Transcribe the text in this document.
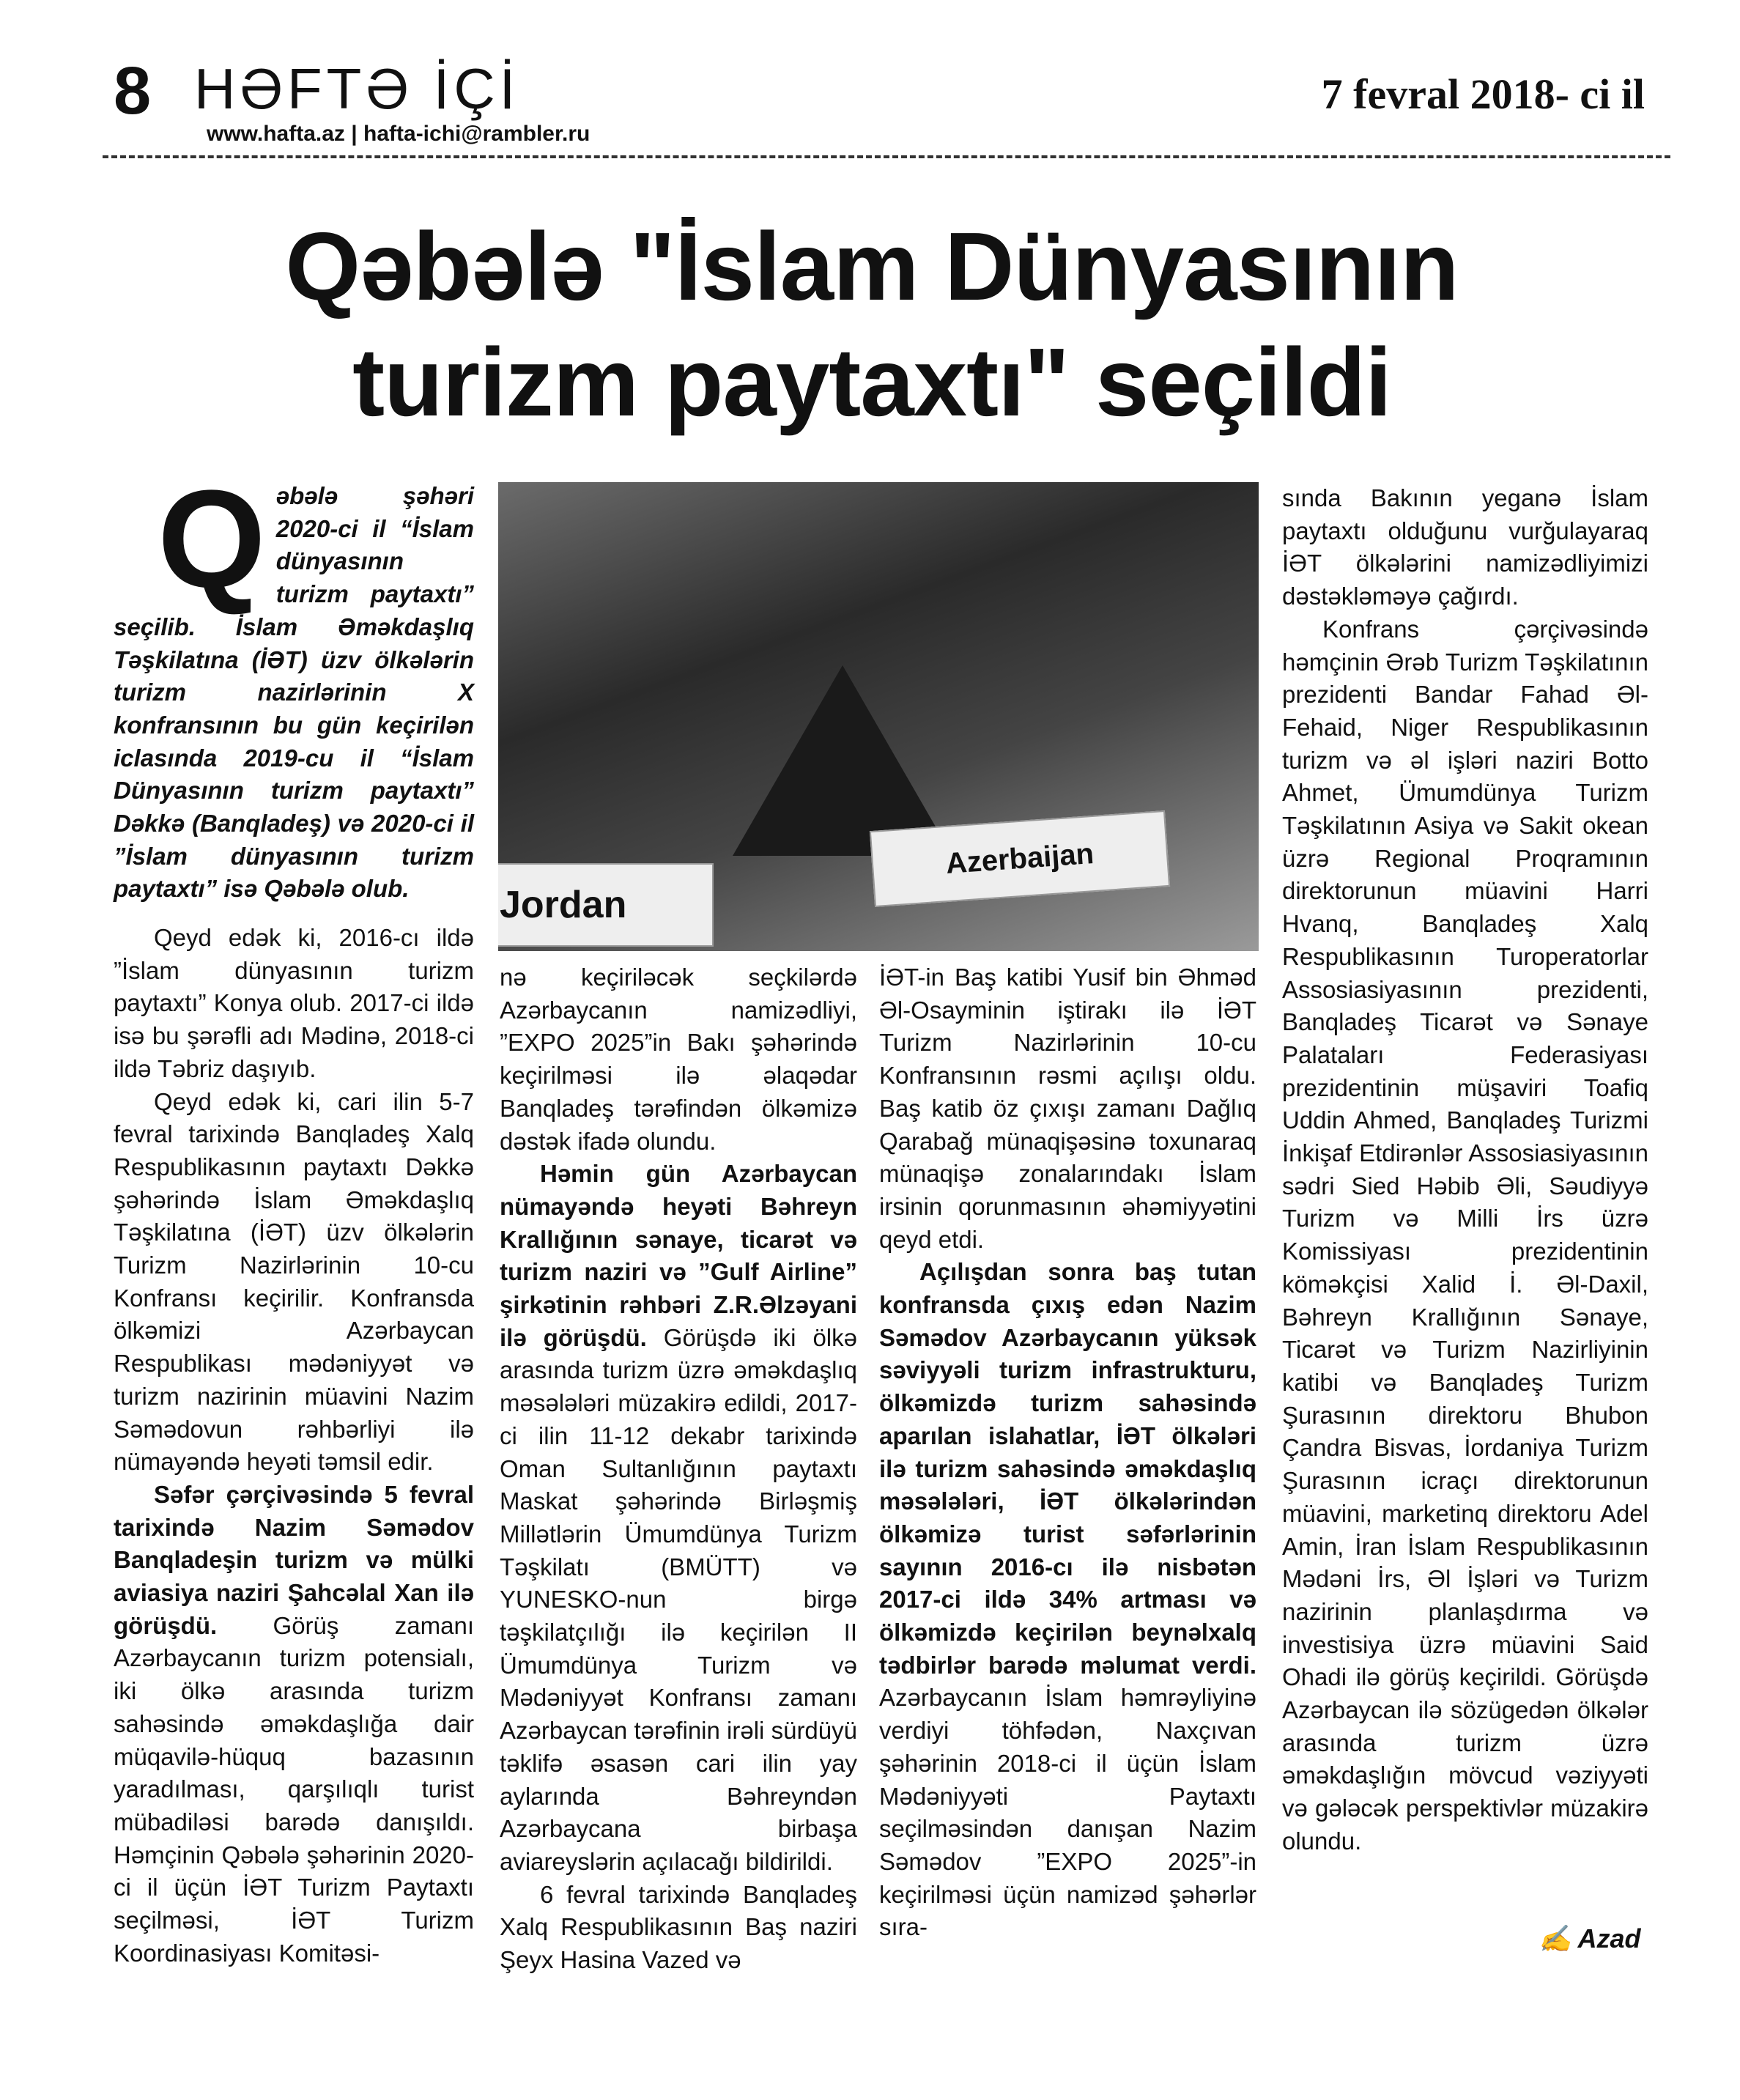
8 HƏFTƏ İÇİ
www.hafta.az | hafta-ichi@rambler.ru
7 fevral 2018- ci il
Qəbələ "İslam Dünyasının
turizm paytaxtı" seçildi
Q əbələ şəhəri 2020-ci il “İslam dünyasının turizm paytaxtı” seçilib. İslam Əməkdaşlıq Təşkilatına (İƏT) üzv ölkələrin turizm nazirlərinin X konfransının bu gün keçirilən iclasında 2019-cu il “İslam Dünyasının turizm paytaxtı” Dəkkə (Banqladeş) və 2020-ci il ”İslam dünyasının turizm paytaxtı” isə Qəbələ olub.	Jordan
Azerbaijan

Qeyd edək ki, 2016-cı ildə ”İslam dünyasının turizm paytaxtı” Konya olub. 2017-ci ildə isə bu şərəfli adı Mədinə, 2018-ci ildə Təbriz daşıyıb.

Qeyd edək ki, cari ilin 5-7 fevral tarixində Banqladeş Xalq Respublikasının paytaxtı Dəkkə şəhərində İslam Əməkdaşlıq Təşkilatına (İƏT) üzv ölkələrin Turizm Nazirlərinin 10-cu Konfransı keçirilir. Konfransda ölkəmizi Azərbaycan Respublikası mədəniyyət və turizm nazirinin müavini Nazim Səmədovun rəhbərliyi ilə nümayəndə heyəti təmsil edir.

Səfər çərçivəsində 5 fevral tarixində Nazim Səmədov Banqladeşin turizm və mülki aviasiya naziri Şahcəlal Xan ilə görüşdü. Görüş zamanı Azərbaycanın turizm potensialı, iki ölkə arasında turizm sahəsində əməkdaşlığa dair müqavilə-hüquq bazasının yaradılması, qarşılıqlı turist mübadiləsi barədə danışıldı. Həmçinin Qəbələ şəhərinin 2020-ci il üçün İƏT Turizm Paytaxtı seçilməsi, İƏT Turizm Koordinasiyası Komitəsi-

nə keçiriləcək seçkilərdə Azərbaycanın namizədliyi, ”EXPO 2025”in Bakı şəhərində keçirilməsi ilə əlaqədar Banqladeş tərəfindən ölkəmizə dəstək ifadə olundu.

Həmin gün Azərbaycan nümayəndə heyəti Bəhreyn Krallığının sənaye, ticarət və turizm naziri və ”Gulf Airline” şirkətinin rəhbəri Z.R.Əlzəyani ilə görüşdü. Görüşdə iki ölkə arasında turizm üzrə əməkdaşlıq məsələləri müzakirə edildi, 2017-ci ilin 11-12 dekabr tarixində Oman Sultanlığının paytaxtı Maskat şəhərində Birləşmiş Millətlərin Ümumdünya Turizm Təşkilatı (BMÜTT) və YUNESKO-nun birgə təşkilatçılığı ilə keçirilən II Ümumdünya Turizm və Mədəniyyət Konfransı zamanı Azərbaycan tərəfinin irəli sürdüyü təklifə əsasən cari ilin yay aylarında Bəhreyndən Azərbaycana birbaşa aviareyslərin açılacağı bildirildi.

6 fevral tarixində Banqladeş Xalq Respublikasının Baş naziri Şeyx Hasina Vazed və

İƏT-in Baş katibi Yusif bin Əhməd Əl-Osayminin iştirakı ilə İƏT Turizm Nazirlərinin 10-cu Konfransının rəsmi açılışı oldu. Baş katib öz çıxışı zamanı Dağlıq Qarabağ münaqişəsinə toxunaraq münaqişə zonalarındakı İslam irsinin qorunmasının əhəmiyyətini qeyd etdi.

Açılışdan sonra baş tutan konfransda çıxış edən Nazim Səmədov Azərbaycanın yüksək səviyyəli turizm infrastrukturu, ölkəmizdə turizm sahəsində aparılan islahatlar, İƏT ölkələri ilə turizm sahəsində əməkdaşlıq məsələləri, İƏT ölkələrindən ölkəmizə turist səfərlərinin sayının 2016-cı ilə nisbətən 2017-ci ildə 34% artması və ölkəmizdə keçirilən beynəlxalq tədbirlər barədə məlumat verdi. Azərbaycanın İslam həmrəyliyinə verdiyi töhfədən, Naxçıvan şəhərinin 2018-ci il üçün İslam Mədəniyyəti Paytaxtı seçilməsindən danışan Nazim Səmədov ”EXPO 2025”-in keçirilməsi üçün namizəd şəhərlər sıra-

sında Bakının yeganə İslam paytaxtı olduğunu vurğulayaraq İƏT ölkələrini namizədliyimizi dəstəkləməyə çağırdı.

Konfrans çərçivəsində həmçinin Ərəb Turizm Təşkilatının prezidenti Bandar Fahad Əl-Fehaid, Niger Respublikasının turizm və əl işləri naziri Botto Ahmet, Ümumdünya Turizm Təşkilatının Asiya və Sakit okean üzrə Regional Proqramının direktorunun müavini Harri Hvanq, Banqladeş Xalq Respublikasının Turoperatorlar Assosiasiyasının prezidenti, Banqladeş Ticarət və Sənaye Palataları Federasiyası prezidentinin müşaviri Toafiq Uddin Ahmed, Banqladeş Turizmi İnkişaf Etdirənlər Assosiasiyasının sədri Sied Həbib Əli, Səudiyyə Turizm və Milli İrs üzrə Komissiyası prezidentinin köməkçisi Xalid İ. Əl-Daxil, Bəhreyn Krallığının Sənaye, Ticarət və Turizm Nazirliyinin katibi və Banqladeş Turizm Şurasının direktoru Bhubon Çandra Bisvas, İordaniya Turizm Şurasının icraçı direktorunun müavini, marketinq direktoru Adel Amin, İran İslam Respublikasının Mədəni İrs, Əl İşləri və Turizm nazirinin planlaşdırma və investisiya üzrə müavini Said Ohadi ilə görüş keçirildi. Görüşdə Azərbaycan ilə sözügedən ölkələr arasında turizm üzrə əməkdaşlığın mövcud vəziyyəti və gələcək perspektivlər müzakirə olundu.

✍ Azad
